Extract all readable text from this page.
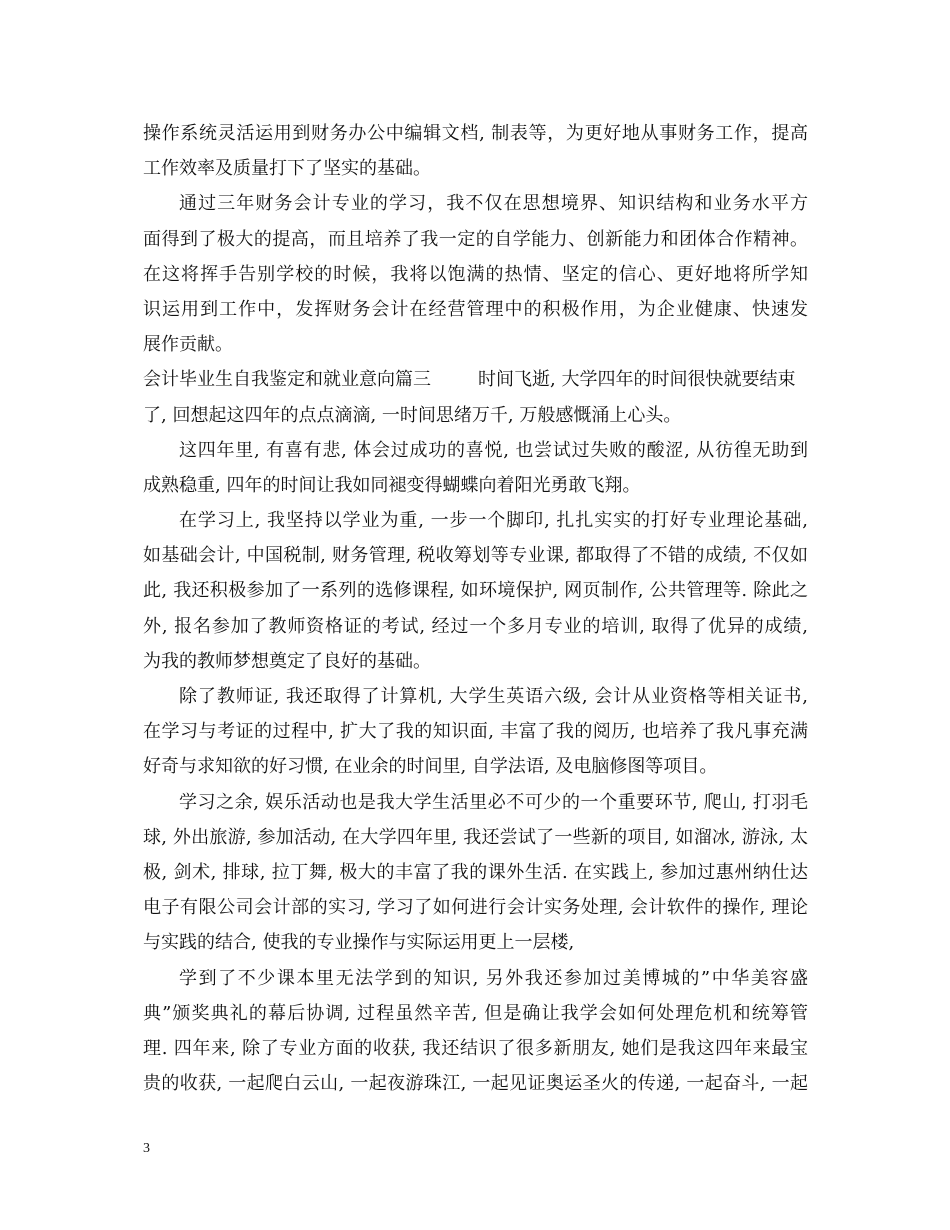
操作系统灵活运用到财务办公中编辑文档, 制表等，为更好地从事财务工作，提高
工作效率及质量打下了坚实的基础。
通过三年财务会计专业的学习，我不仅在思想境界、知识结构和业务水平方
面得到了极大的提高，而且培养了我一定的自学能力、创新能力和团体合作精神。
在这将挥手告别学校的时候，我将以饱满的热情、坚定的信心、更好地将所学知
识运用到工作中，发挥财务会计在经营管理中的积极作用，为企业健康、快速发
展作贡献。
会计毕业生自我鉴定和就业意向篇三	时间飞逝, 大学四年的时间很快就要结束
了, 回想起这四年的点点滴滴, 一时间思绪万千, 万般感慨涌上心头。
这四年里, 有喜有悲, 体会过成功的喜悦, 也尝试过失败的酸涩, 从彷徨无助到
成熟稳重, 四年的时间让我如同褪变得蝴蝶向着阳光勇敢飞翔。
在学习上, 我坚持以学业为重, 一步一个脚印, 扎扎实实的打好专业理论基础,
如基础会计, 中国税制, 财务管理, 税收筹划等专业课, 都取得了不错的成绩, 不仅如
此, 我还积极参加了一系列的选修课程, 如环境保护, 网页制作, 公共管理等. 除此之
外, 报名参加了教师资格证的考试, 经过一个多月专业的培训, 取得了优异的成绩,
为我的教师梦想奠定了良好的基础。
除了教师证, 我还取得了计算机, 大学生英语六级, 会计从业资格等相关证书,
在学习与考证的过程中, 扩大了我的知识面, 丰富了我的阅历, 也培养了我凡事充满
好奇与求知欲的好习惯, 在业余的时间里, 自学法语, 及电脑修图等项目。
学习之余, 娱乐活动也是我大学生活里必不可少的一个重要环节, 爬山, 打羽毛
球, 外出旅游, 参加活动, 在大学四年里, 我还尝试了一些新的项目, 如溜冰, 游泳, 太
极, 剑术, 排球, 拉丁舞, 极大的丰富了我的课外生活. 在实践上, 参加过惠州纳仕达
电子有限公司会计部的实习, 学习了如何进行会计实务处理, 会计软件的操作, 理论
与实践的结合, 使我的专业操作与实际运用更上一层楼,
学到了不少课本里无法学到的知识, 另外我还参加过美博城的”中华美容盛
典”颁奖典礼的幕后协调, 过程虽然辛苦, 但是确让我学会如何处理危机和统筹管
理. 四年来, 除了专业方面的收获, 我还结识了很多新朋友, 她们是我这四年来最宝
贵的收获, 一起爬白云山, 一起夜游珠江, 一起见证奥运圣火的传递, 一起奋斗, 一起
3
